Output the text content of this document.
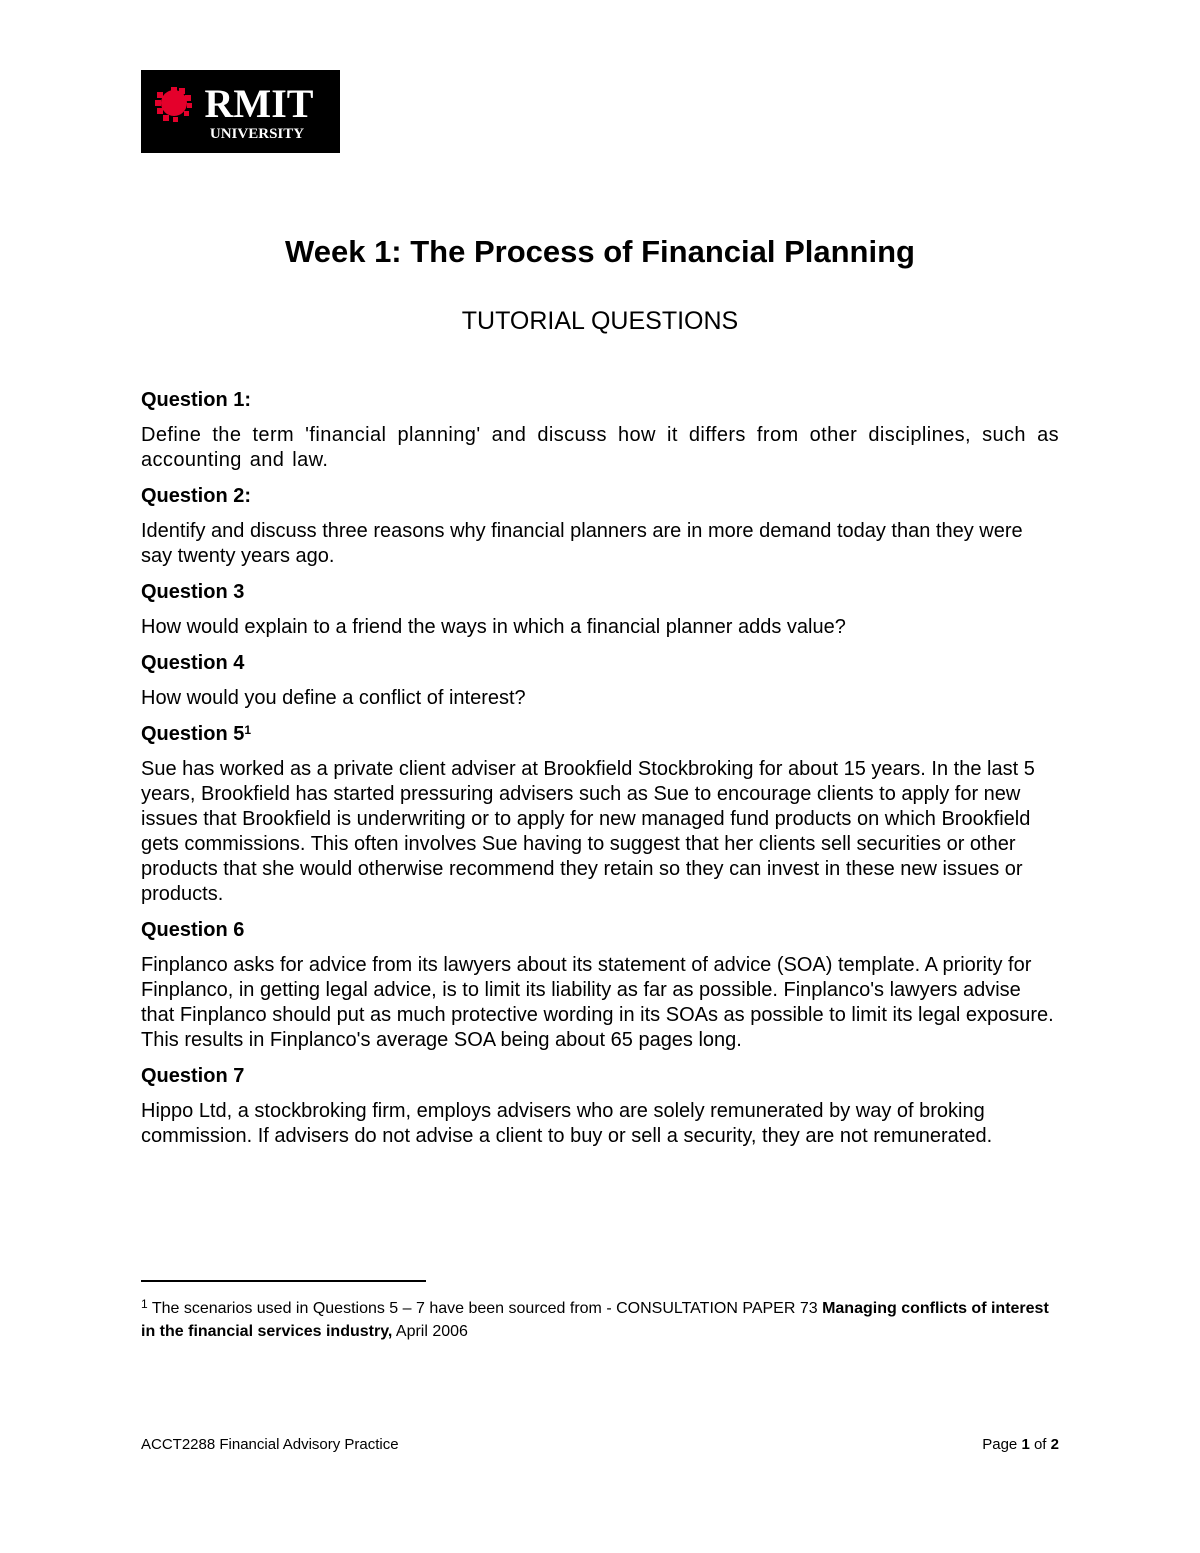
RMIT
UNIVERSITY
Week 1: The Process of Financial Planning
TUTORIAL QUESTIONS

Question 1:

Define the term 'financial planning' and discuss how it differs from other disciplines, such as accounting and law.

Question 2:

Identify and discuss three reasons why financial planners are in more demand today than they were say twenty years ago.

Question 3

How would explain to a friend the ways in which a financial planner adds value?

Question 4

How would you define a conflict of interest?

Question 5$^1$

Sue has worked as a private client adviser at Brookfield Stockbroking for about 15 years. In the last 5 years, Brookfield has started pressuring advisers such as Sue to encourage clients to apply for new issues that Brookfield is underwriting or to apply for new managed fund products on which Brookfield gets commissions. This often involves Sue having to suggest that her clients sell securities or other products that she would otherwise recommend they retain so they can invest in these new issues or products.

Question 6

Finplanco asks for advice from its lawyers about its statement of advice (SOA) template. A priority for Finplanco, in getting legal advice, is to limit its liability as far as possible. Finplanco's lawyers advise that Finplanco should put as much protective wording in its SOAs as possible to limit its legal exposure. This results in Finplanco's average SOA being about 65 pages long.

Question 7

Hippo Ltd, a stockbroking firm, employs advisers who are solely remunerated by way of broking commission. If advisers do not advise a client to buy or sell a security, they are not remunerated.

$^1$ The scenarios used in Questions 5 – 7 have been sourced from - CONSULTATION PAPER 73 Managing conflicts of interest in the financial services industry, April 2006
ACCT2288 Financial Advisory Practice	Page 1 of 2
